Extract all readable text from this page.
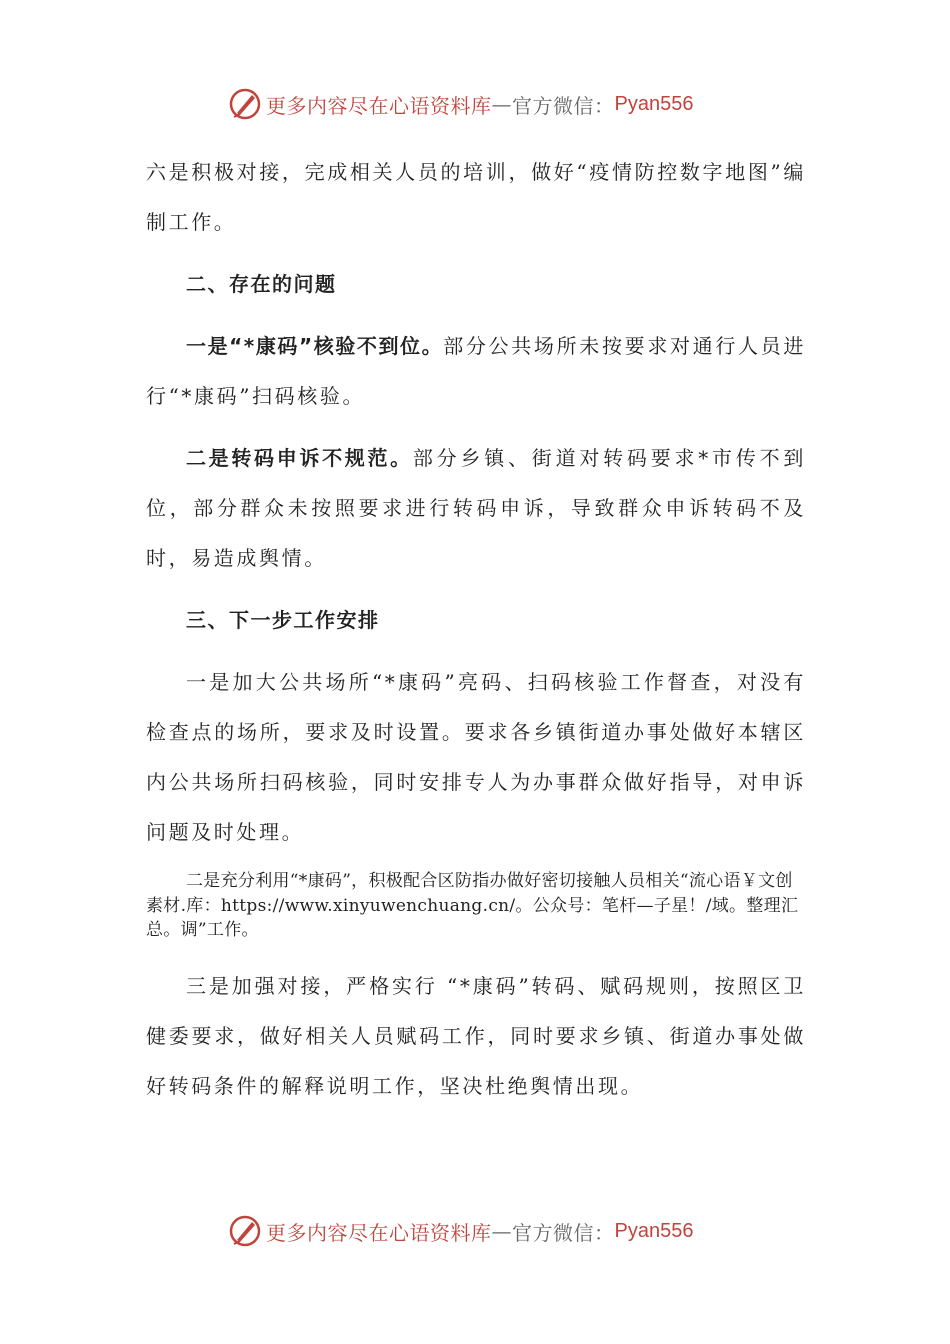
更多内容尽在心语资料库 — 官方微信： Pyan556

六是积极对接，完成相关人员的培训，做好“疫情防控数字地图”编制工作。

二、存在的问题

一是“*康码”核验不到位。部分公共场所未按要求对通行人员进行“*康码”扫码核验。

二是转码申诉不规范。部分乡镇、街道对转码要求*市传不到位，部分群众未按照要求进行转码申诉，导致群众申诉转码不及时，易造成舆情。

三、下一步工作安排

一是加大公共场所“*康码”亮码、扫码核验工作督查，对没有检查点的场所，要求及时设置。要求各乡镇街道办事处做好本辖区内公共场所扫码核验，同时安排专人为办事群众做好指导，对申诉问题及时处理。

二是充分利用“*康码”，积极配合区防指办做好密切接触人员相关“流心语￥文创素材.库：https://www.xinyuwenchuang.cn/。公众号：笔杆—子星！/域。整理汇总。调”工作。

三是加强对接，严格实行 “*康码”转码、赋码规则，按照区卫健委要求，做好相关人员赋码工作，同时要求乡镇、街道办事处做好转码条件的解释说明工作，坚决杜绝舆情出现。

更多内容尽在心语资料库 — 官方微信： Pyan556
